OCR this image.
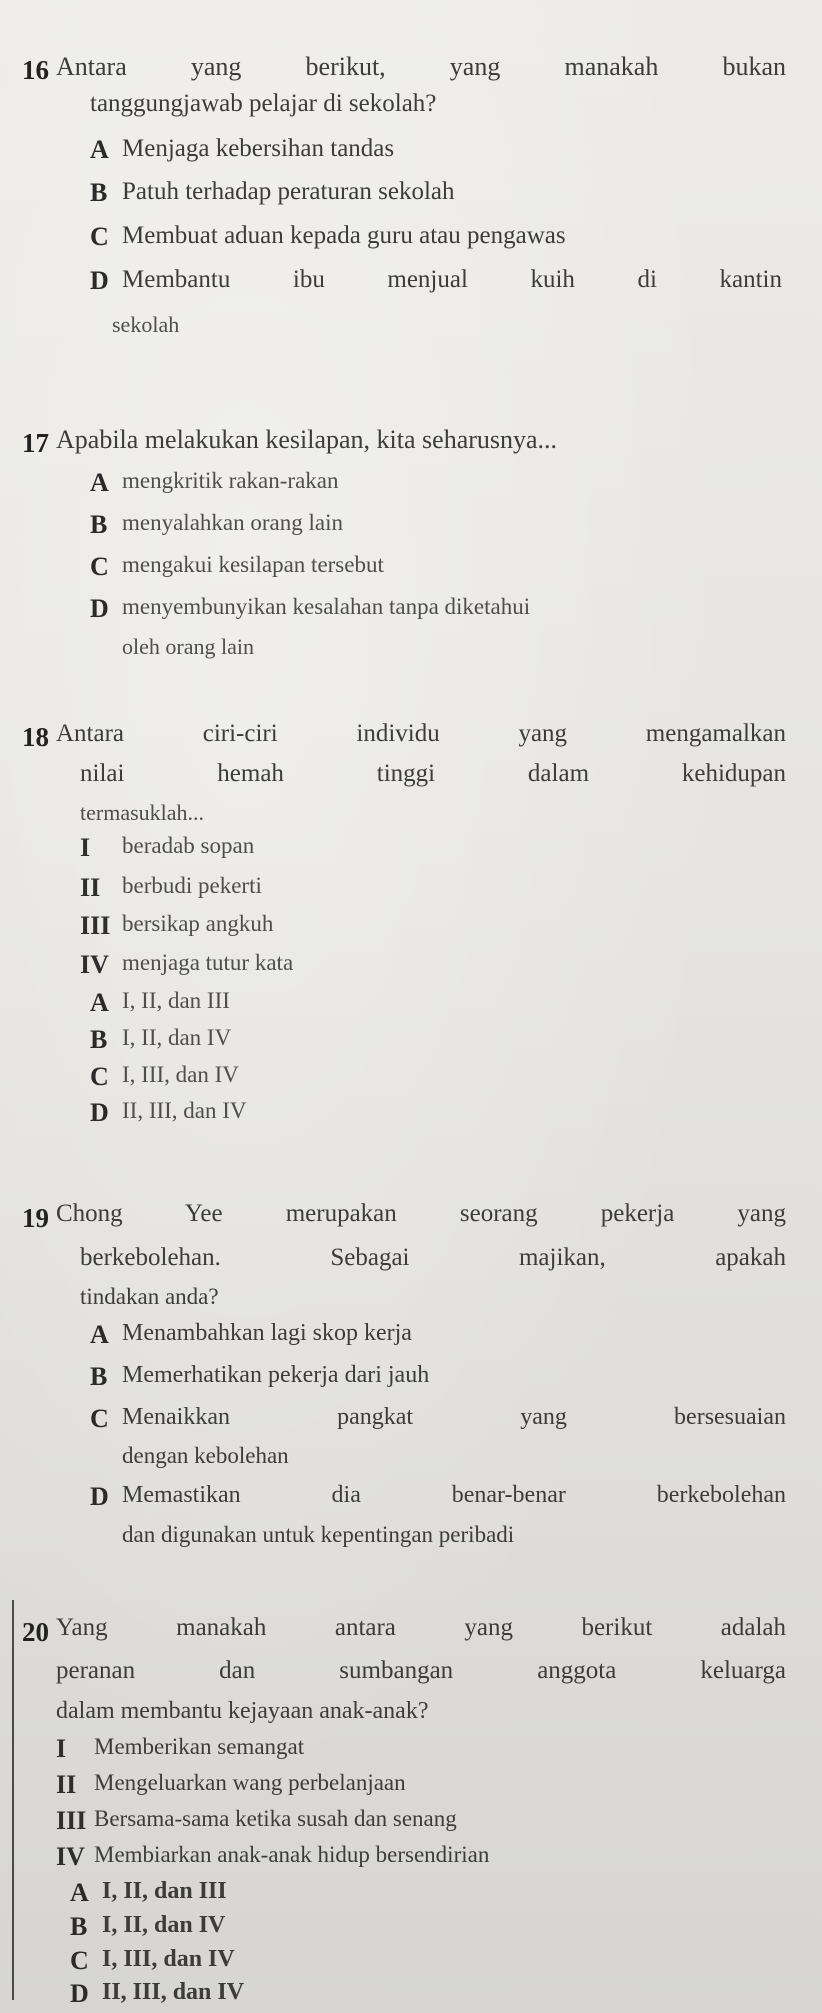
16 Antara yang berikut, yang manakah bukan
tanggungjawab pelajar di sekolah?
A Menjaga kebersihan tandas
B Patuh terhadap peraturan sekolah
C Membuat aduan kepada guru atau pengawas
D Membantu ibu menjual kuih di kantin
sekolah
17 Apabila melakukan kesilapan, kita seharusnya...
A mengkritik rakan-rakan
B menyalahkan orang lain
C mengakui kesilapan tersebut
D menyembunyikan kesalahan tanpa diketahui
oleh orang lain
18 Antara ciri-ciri individu yang mengamalkan
nilai hemah tinggi dalam kehidupan
termasuklah...
I beradab sopan
II berbudi pekerti
III bersikap angkuh
IV menjaga tutur kata
A I, II, dan III
B I, II, dan IV
C I, III, dan IV
D II, III, dan IV
19 Chong Yee merupakan seorang pekerja yang
berkebolehan. Sebagai majikan, apakah
tindakan anda?
A Menambahkan lagi skop kerja
B Memerhatikan pekerja dari jauh
C Menaikkan pangkat yang bersesuaian
dengan kebolehan
D Memastikan dia benar-benar berkebolehan
dan digunakan untuk kepentingan peribadi
20 Yang manakah antara yang berikut adalah
peranan dan sumbangan anggota keluarga
dalam membantu kejayaan anak-anak?
I Memberikan semangat
II Mengeluarkan wang perbelanjaan
III Bersama-sama ketika susah dan senang
IV Membiarkan anak-anak hidup bersendirian
A I, II, dan III
B I, II, dan IV
C I, III, dan IV
D II, III, dan IV
